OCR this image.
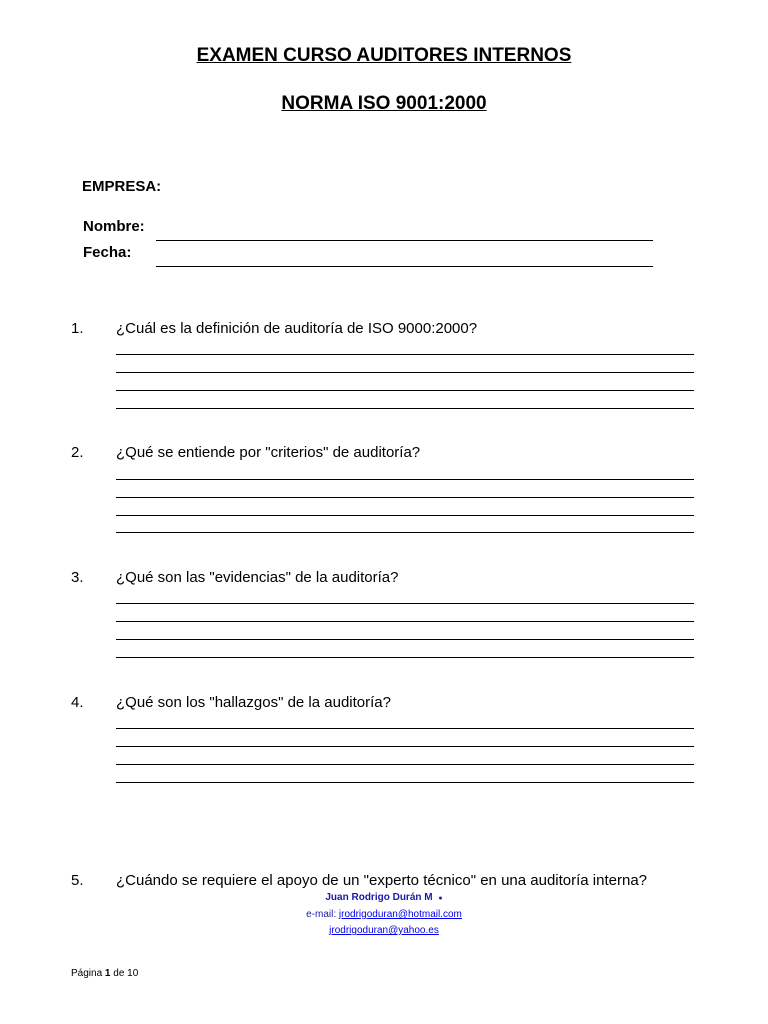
EXAMEN CURSO AUDITORES INTERNOS
NORMA ISO 9001:2000
EMPRESA:
Nombre:
Fecha:
1. ¿Cuál es la definición de auditoría de ISO 9000:2000?
2. ¿Qué se entiende por "criterios" de auditoría?
3. ¿Qué son las "evidencias" de la auditoría?
4. ¿Qué son los "hallazgos" de la auditoría?
5. ¿Cuándo se requiere el apoyo de un "experto técnico" en una auditoría interna?
Juan Rodrigo Durán M ●
e-mail: jrodrigoduran@hotmail.com
jrodrigoduran@yahoo.es
Página 1 de 10
